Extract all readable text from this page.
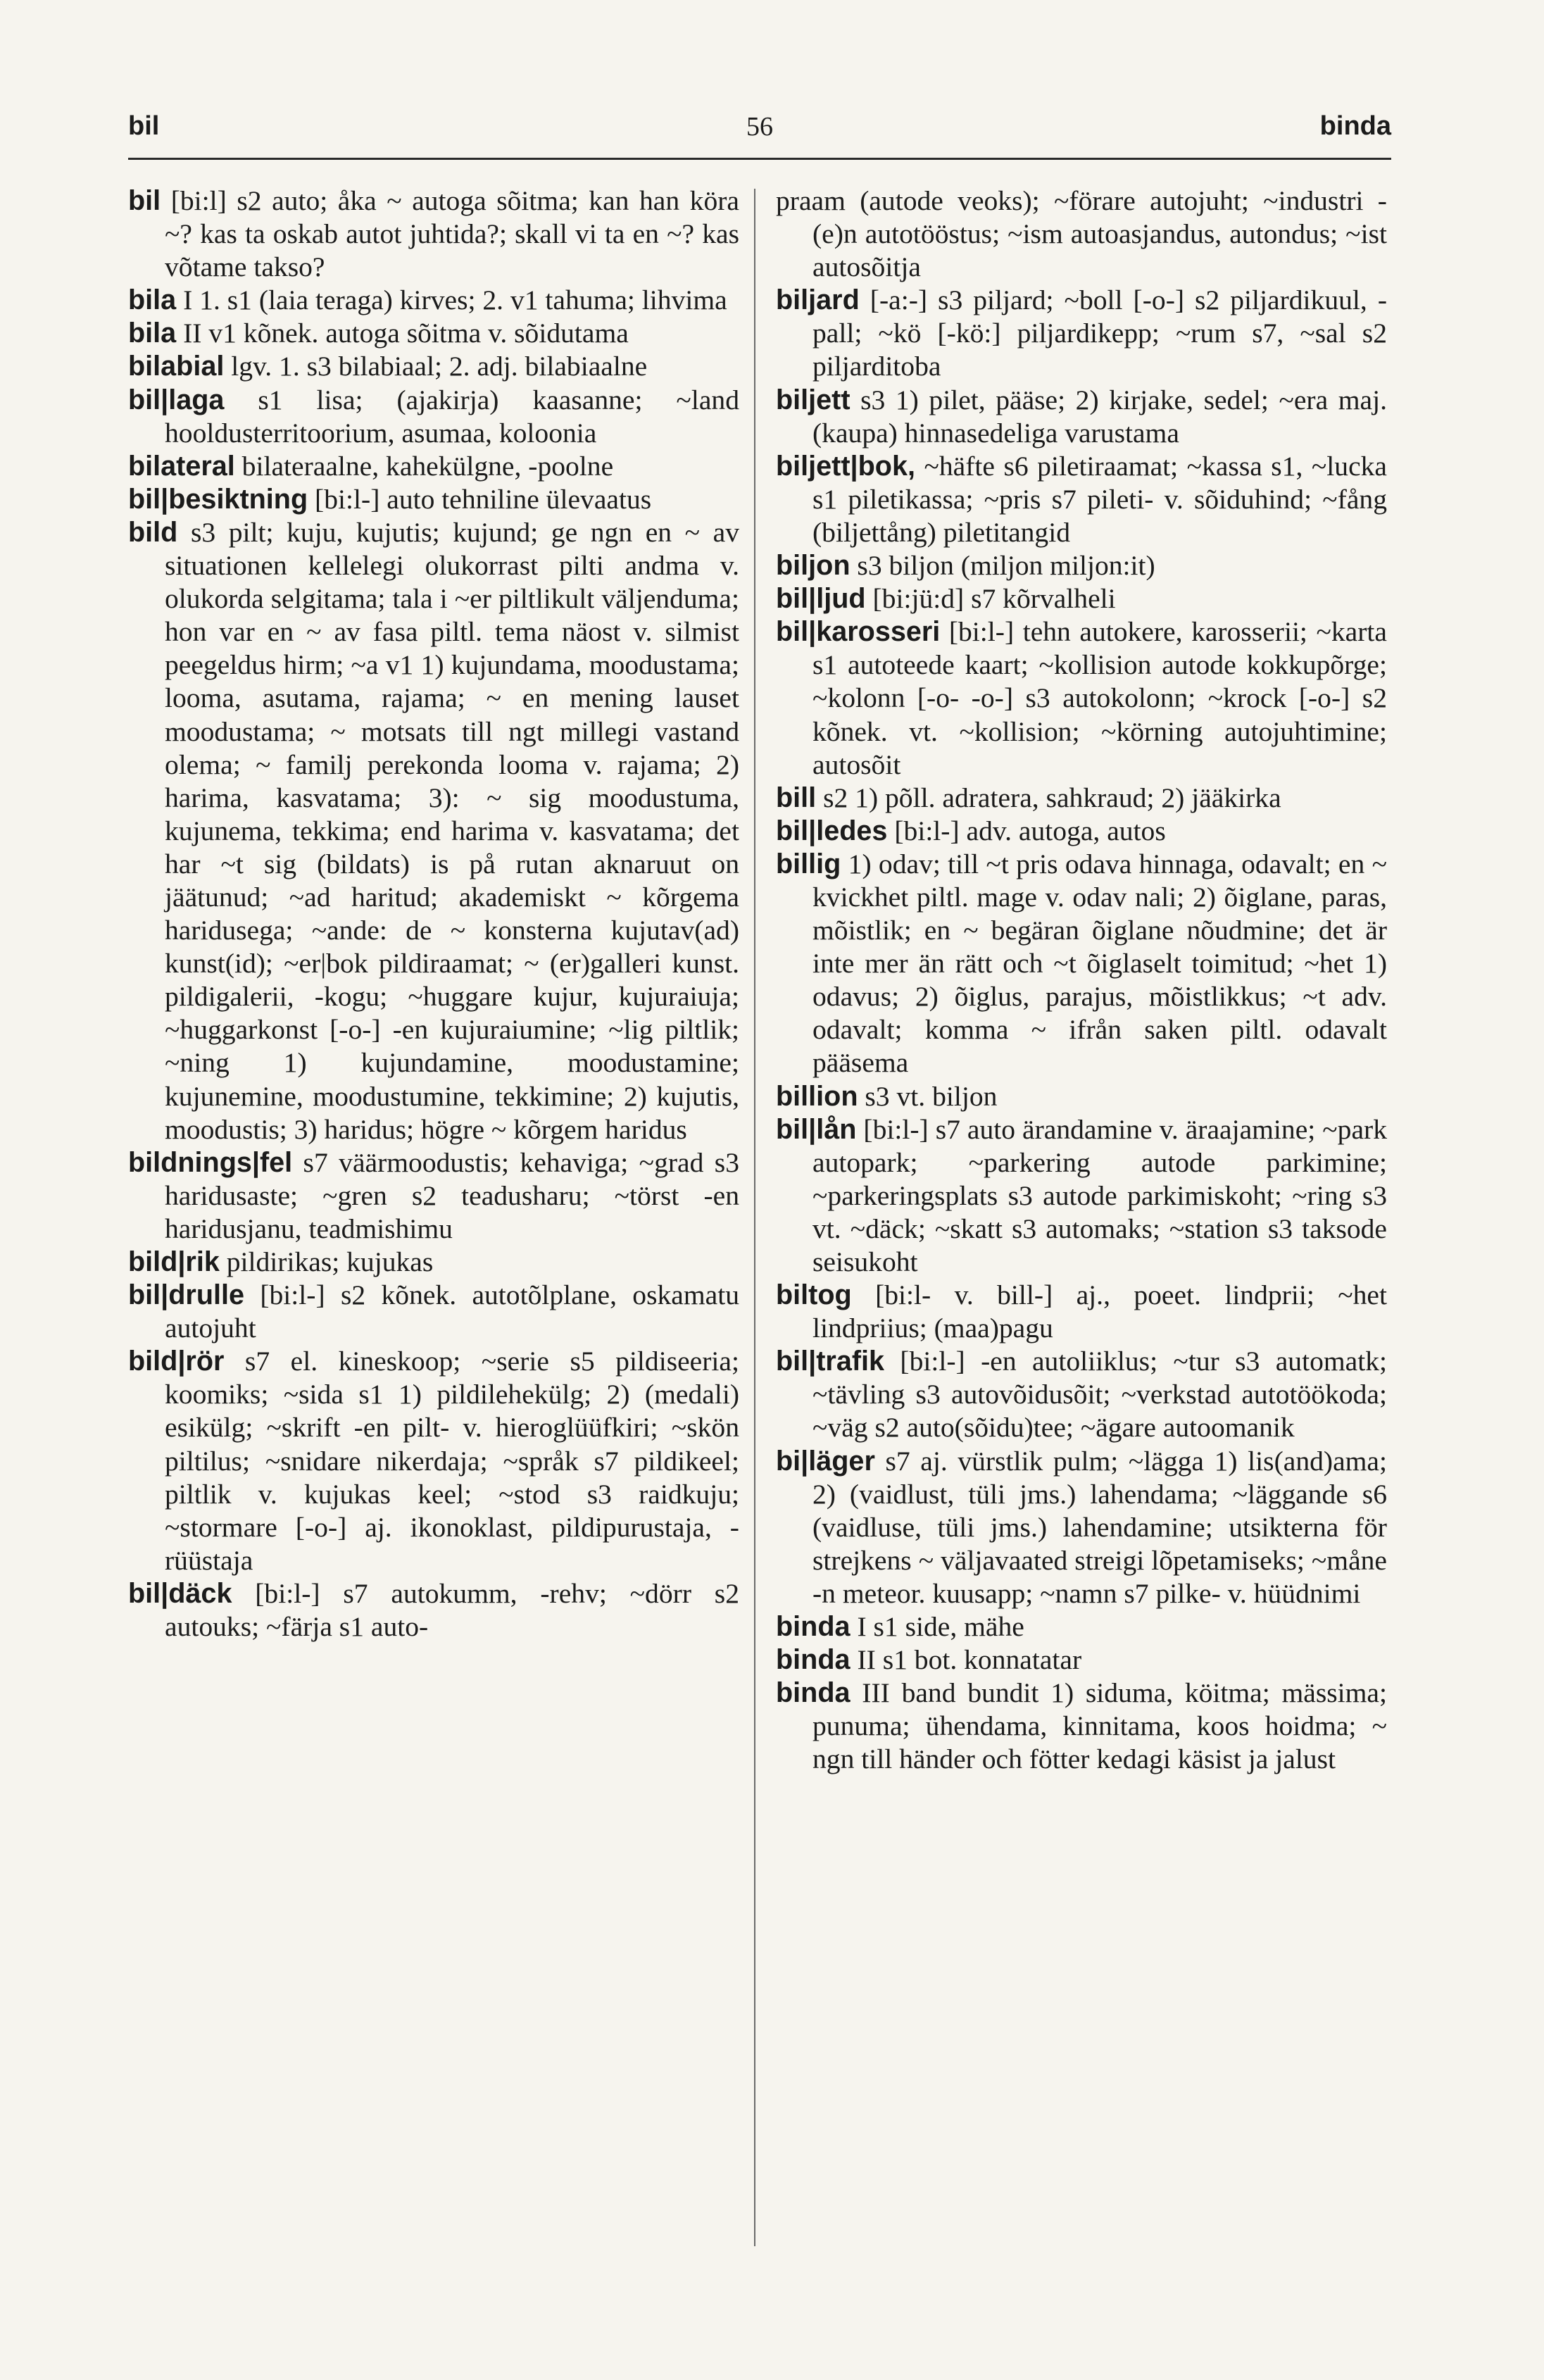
56
bil	binda

bil [bi:l] s2 auto; åka ~ autoga sõitma; kan han köra ~? kas ta oskab autot juhtida?; skall vi ta en ~? kas võtame takso?

bila I 1. s1 (laia teraga) kirves; 2. v1 tahuma; lihvima

bila II v1 kõnek. autoga sõitma v. sõidutama

bilabial lgv. 1. s3 bilabiaal; 2. adj. bilabiaalne

bil|laga s1 lisa; (ajakirja) kaasanne; ~land hooldusterritoorium, asumaa, koloonia

bilateral bilateraalne, kahekülgne, -poolne

bil|besiktning [bi:l-] auto tehniline ülevaatus

bild s3 pilt; kuju, kujutis; kujund; ge ngn en ~ av situationen kellelegi olukorrast pilti andma v. olukorda selgitama; tala i ~er piltlikult väljenduma; hon var en ~ av fasa piltl. tema näost v. silmist peegeldus hirm; ~a v1 1) kujundama, moodustama; looma, asutama, rajama; ~ en mening lauset moodustama; ~ motsats till ngt millegi vastand olema; ~ familj perekonda looma v. rajama; 2) harima, kasvatama; 3): ~ sig moodustuma, kujunema, tekkima; end harima v. kasvatama; det har ~t sig (bildats) is på rutan aknaruut on jäätunud; ~ad haritud; akademiskt ~ kõrgema haridusega; ~ande: de ~ konsterna kujutav(ad) kunst(id); ~er|bok pildiraamat; ~ (er)galleri kunst. pildigalerii, -kogu; ~huggare kujur, kujuraiuja; ~huggarkonst [-o-] -en kujuraiumine; ~lig piltlik; ~ning 1) kujundamine, moodustamine; kujunemine, moodustumine, tekkimine; 2) kujutis, moodustis; 3) haridus; högre ~ kõrgem haridus

bildnings|fel s7 väärmoodustis; kehaviga; ~grad s3 haridusaste; ~gren s2 teadusharu; ~törst -en haridusjanu, teadmishimu

bild|rik pildirikas; kujukas

bil|drulle [bi:l-] s2 kõnek. autotõlplane, oskamatu autojuht

bild|rör s7 el. kineskoop; ~serie s5 pildiseeria; koomiks; ~sida s1 1) pildilehekülg; 2) (medali) esikülg; ~skrift -en pilt- v. hieroglüüfkiri; ~skön piltilus; ~snidare nikerdaja; ~språk s7 pildikeel; piltlik v. kujukas keel; ~stod s3 raidkuju; ~stormare [-o-] aj. ikonoklast, pildipurustaja, -rüüstaja

bil|däck [bi:l-] s7 autokumm, -rehv; ~dörr s2 autouks; ~färja s1 auto-

praam (autode veoks); ~förare autojuht; ~industri -(e)n autotööstus; ~ism autoasjandus, autondus; ~ist autosõitja

biljard [-a:-] s3 piljard; ~boll [-o-] s2 piljardikuul, -pall; ~kö [-kö:] piljardikepp; ~rum s7, ~sal s2 piljarditoba

biljett s3 1) pilet, pääse; 2) kirjake, sedel; ~era maj. (kaupa) hinnasedeliga varustama

biljett|bok, ~häfte s6 piletiraamat; ~kassa s1, ~lucka s1 piletikassa; ~pris s7 pileti- v. sõiduhind; ~fång (biljettång) piletitangid

biljon s3 biljon (miljon miljon:it)

bil|ljud [bi:jü:d] s7 kõrvalheli

bil|karosseri [bi:l-] tehn autokere, karosserii; ~karta s1 autoteede kaart; ~kollision autode kokkupõrge; ~kolonn [-o- -o-] s3 autokolonn; ~krock [-o-] s2 kõnek. vt. ~kollision; ~körning autojuhtimine; autosõit

bill s2 1) põll. adratera, sahkraud; 2) jääkirka

bil|ledes [bi:l-] adv. autoga, autos

billig 1) odav; till ~t pris odava hinnaga, odavalt; en ~ kvickhet piltl. mage v. odav nali; 2) õiglane, paras, mõistlik; en ~ begäran õiglane nõudmine; det är inte mer än rätt och ~t õiglaselt toimitud; ~het 1) odavus; 2) õiglus, parajus, mõistlikkus; ~t adv. odavalt; komma ~ ifrån saken piltl. odavalt pääsema

billion s3 vt. biljon

bil|lån [bi:l-] s7 auto ärandamine v. äraajamine; ~park autopark; ~parkering autode parkimine; ~parkeringsplats s3 autode parkimiskoht; ~ring s3 vt. ~däck; ~skatt s3 automaks; ~station s3 taksode seisukoht

biltog [bi:l- v. bill-] aj., poeet. lindprii; ~het lindpriius; (maa)pagu

bil|trafik [bi:l-] -en autoliiklus; ~tur s3 automatk; ~tävling s3 autovõidusõit; ~verkstad autotöökoda; ~väg s2 auto(sõidu)tee; ~ägare autoomanik

bi|läger s7 aj. vürstlik pulm; ~lägga 1) lis(and)ama; 2) (vaidlust, tüli jms.) lahendama; ~läggande s6 (vaidluse, tüli jms.) lahendamine; utsikterna för strejkens ~ väljavaated streigi lõpetamiseks; ~måne -n meteor. kuusapp; ~namn s7 pilke- v. hüüdnimi

binda I s1 side, mähe

binda II s1 bot. konnatatar

binda III band bundit 1) siduma, köitma; mässima; punuma; ühendama, kinnitama, koos hoidma; ~ ngn till händer och fötter kedagi käsist ja jalust
